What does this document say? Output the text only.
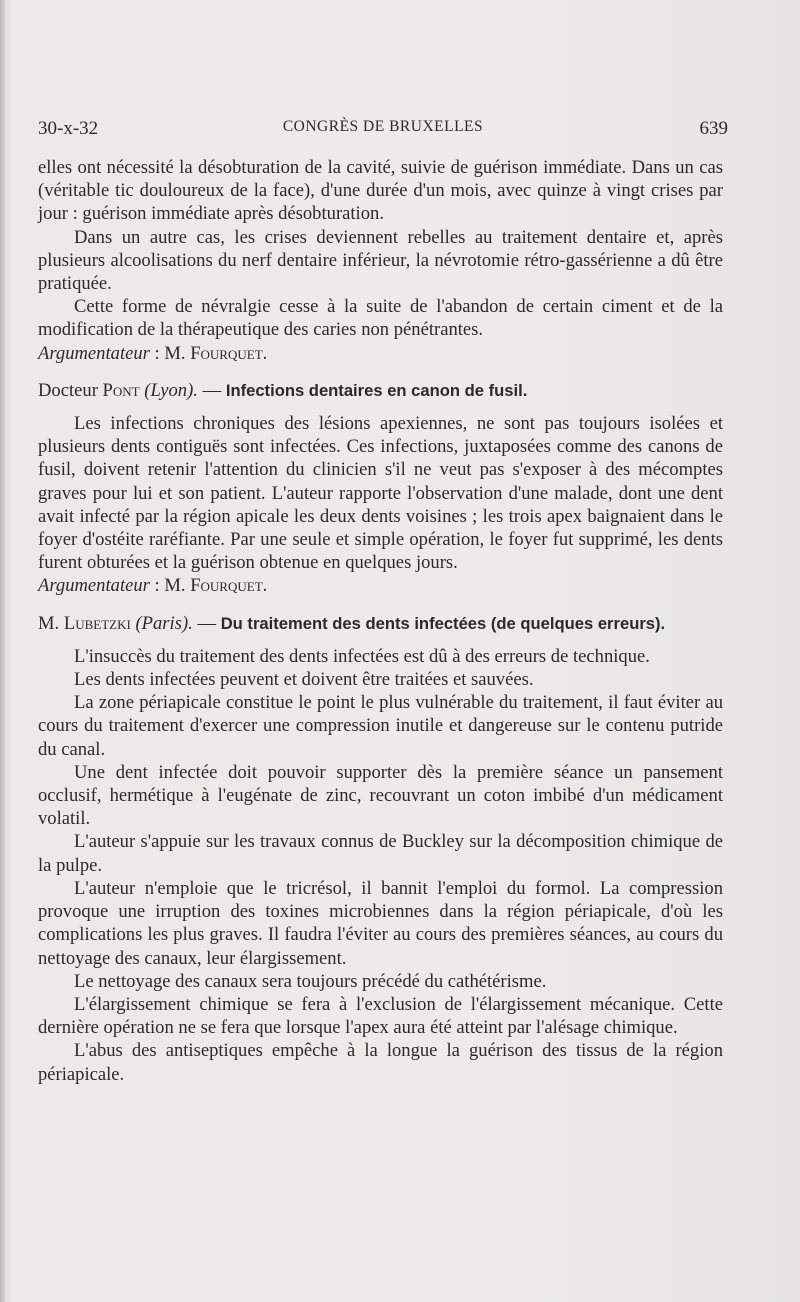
30-x-32	CONGRÈS DE BRUXELLES	639

elles ont nécessité la désobturation de la cavité, suivie de guérison immédiate. Dans un cas (véritable tic douloureux de la face), d'une durée d'un mois, avec quinze à vingt crises par jour : guérison immédiate après désobturation.

Dans un autre cas, les crises deviennent rebelles au traitement dentaire et, après plusieurs alcoolisations du nerf dentaire inférieur, la névrotomie rétro-gassérienne a dû être pratiquée.

Cette forme de névralgie cesse à la suite de l'abandon de certain ciment et de la modification de la thérapeutique des caries non pénétrantes.

Argumentateur : M. Fourquet.

Docteur Pont (Lyon). — Infections dentaires en canon de fusil.

Les infections chroniques des lésions apexiennes, ne sont pas toujours isolées et plusieurs dents contiguës sont infectées. Ces infections, juxtaposées comme des canons de fusil, doivent retenir l'attention du clinicien s'il ne veut pas s'exposer à des mécomptes graves pour lui et son patient. L'auteur rapporte l'observation d'une malade, dont une dent avait infecté par la région apicale les deux dents voisines ; les trois apex baignaient dans le foyer d'ostéite raréfiante. Par une seule et simple opération, le foyer fut supprimé, les dents furent obturées et la guérison obtenue en quelques jours.

Argumentateur : M. Fourquet.

M. Lubetzki (Paris). — Du traitement des dents infectées (de quelques erreurs).

L'insuccès du traitement des dents infectées est dû à des erreurs de technique.

Les dents infectées peuvent et doivent être traitées et sauvées.

La zone périapicale constitue le point le plus vulnérable du traitement, il faut éviter au cours du traitement d'exercer une compression inutile et dangereuse sur le contenu putride du canal.

Une dent infectée doit pouvoir supporter dès la première séance un pansement occlusif, hermétique à l'eugénate de zinc, recouvrant un coton imbibé d'un médicament volatil.

L'auteur s'appuie sur les travaux connus de Buckley sur la décomposition chimique de la pulpe.

L'auteur n'emploie que le tricrésol, il bannit l'emploi du formol. La compression provoque une irruption des toxines microbiennes dans la région périapicale, d'où les complications les plus graves. Il faudra l'éviter au cours des premières séances, au cours du nettoyage des canaux, leur élargissement.

Le nettoyage des canaux sera toujours précédé du cathétérisme.

L'élargissement chimique se fera à l'exclusion de l'élargissement mécanique. Cette dernière opération ne se fera que lorsque l'apex aura été atteint par l'alésage chimique.

L'abus des antiseptiques empêche à la longue la guérison des tissus de la région périapicale.
